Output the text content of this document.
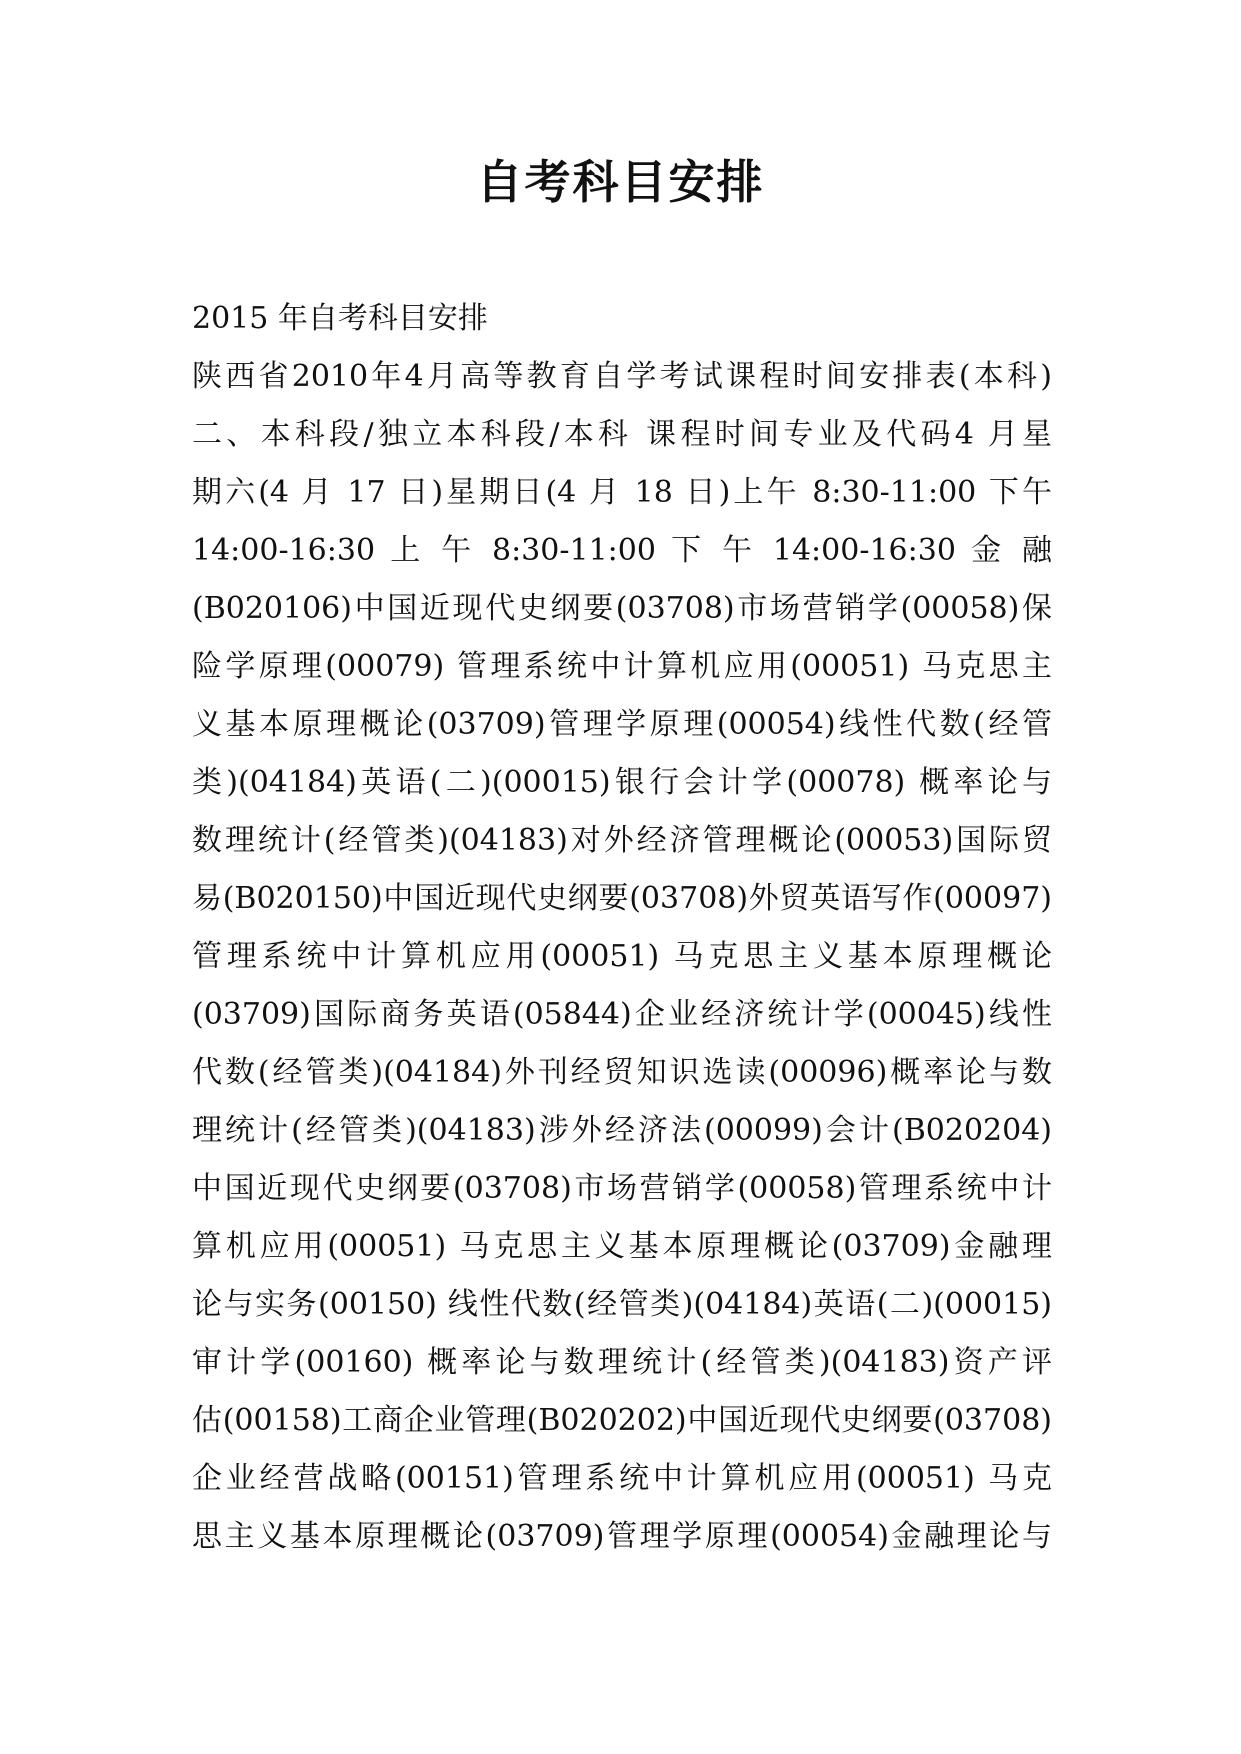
自考科目安排
2015 年自考科目安排
陕西省2010年4月高等教育自学考试课程时间安排表(本科)
二、本科段/独立本科段/本科 课程时间专业及代码4 月星
期六(4 月 17 日)星期日(4 月 18 日)上午 8:30-11:00 下午
14:00-16:30 上 午 8:30-11:00 下 午 14:00-16:30 金 融
(B020106)中国近现代史纲要(03708)市场营销学(00058)保
险学原理(00079) 管理系统中计算机应用(00051) 马克思主
义基本原理概论(03709)管理学原理(00054)线性代数(经管
类)(04184)英语(二)(00015)银行会计学(00078) 概率论与
数理统计(经管类)(04183)对外经济管理概论(00053)国际贸
易(B020150)中国近现代史纲要(03708)外贸英语写作(00097)
管理系统中计算机应用(00051) 马克思主义基本原理概论
(03709)国际商务英语(05844)企业经济统计学(00045)线性
代数(经管类)(04184)外刊经贸知识选读(00096)概率论与数
理统计(经管类)(04183)涉外经济法(00099)会计(B020204)
中国近现代史纲要(03708)市场营销学(00058)管理系统中计
算机应用(00051) 马克思主义基本原理概论(03709)金融理
论与实务(00150) 线性代数(经管类)(04184)英语(二)(00015)
审计学(00160) 概率论与数理统计(经管类)(04183)资产评
估(00158)工商企业管理(B020202)中国近现代史纲要(03708)
企业经营战略(00151)管理系统中计算机应用(00051) 马克
思主义基本原理概论(03709)管理学原理(00054)金融理论与
